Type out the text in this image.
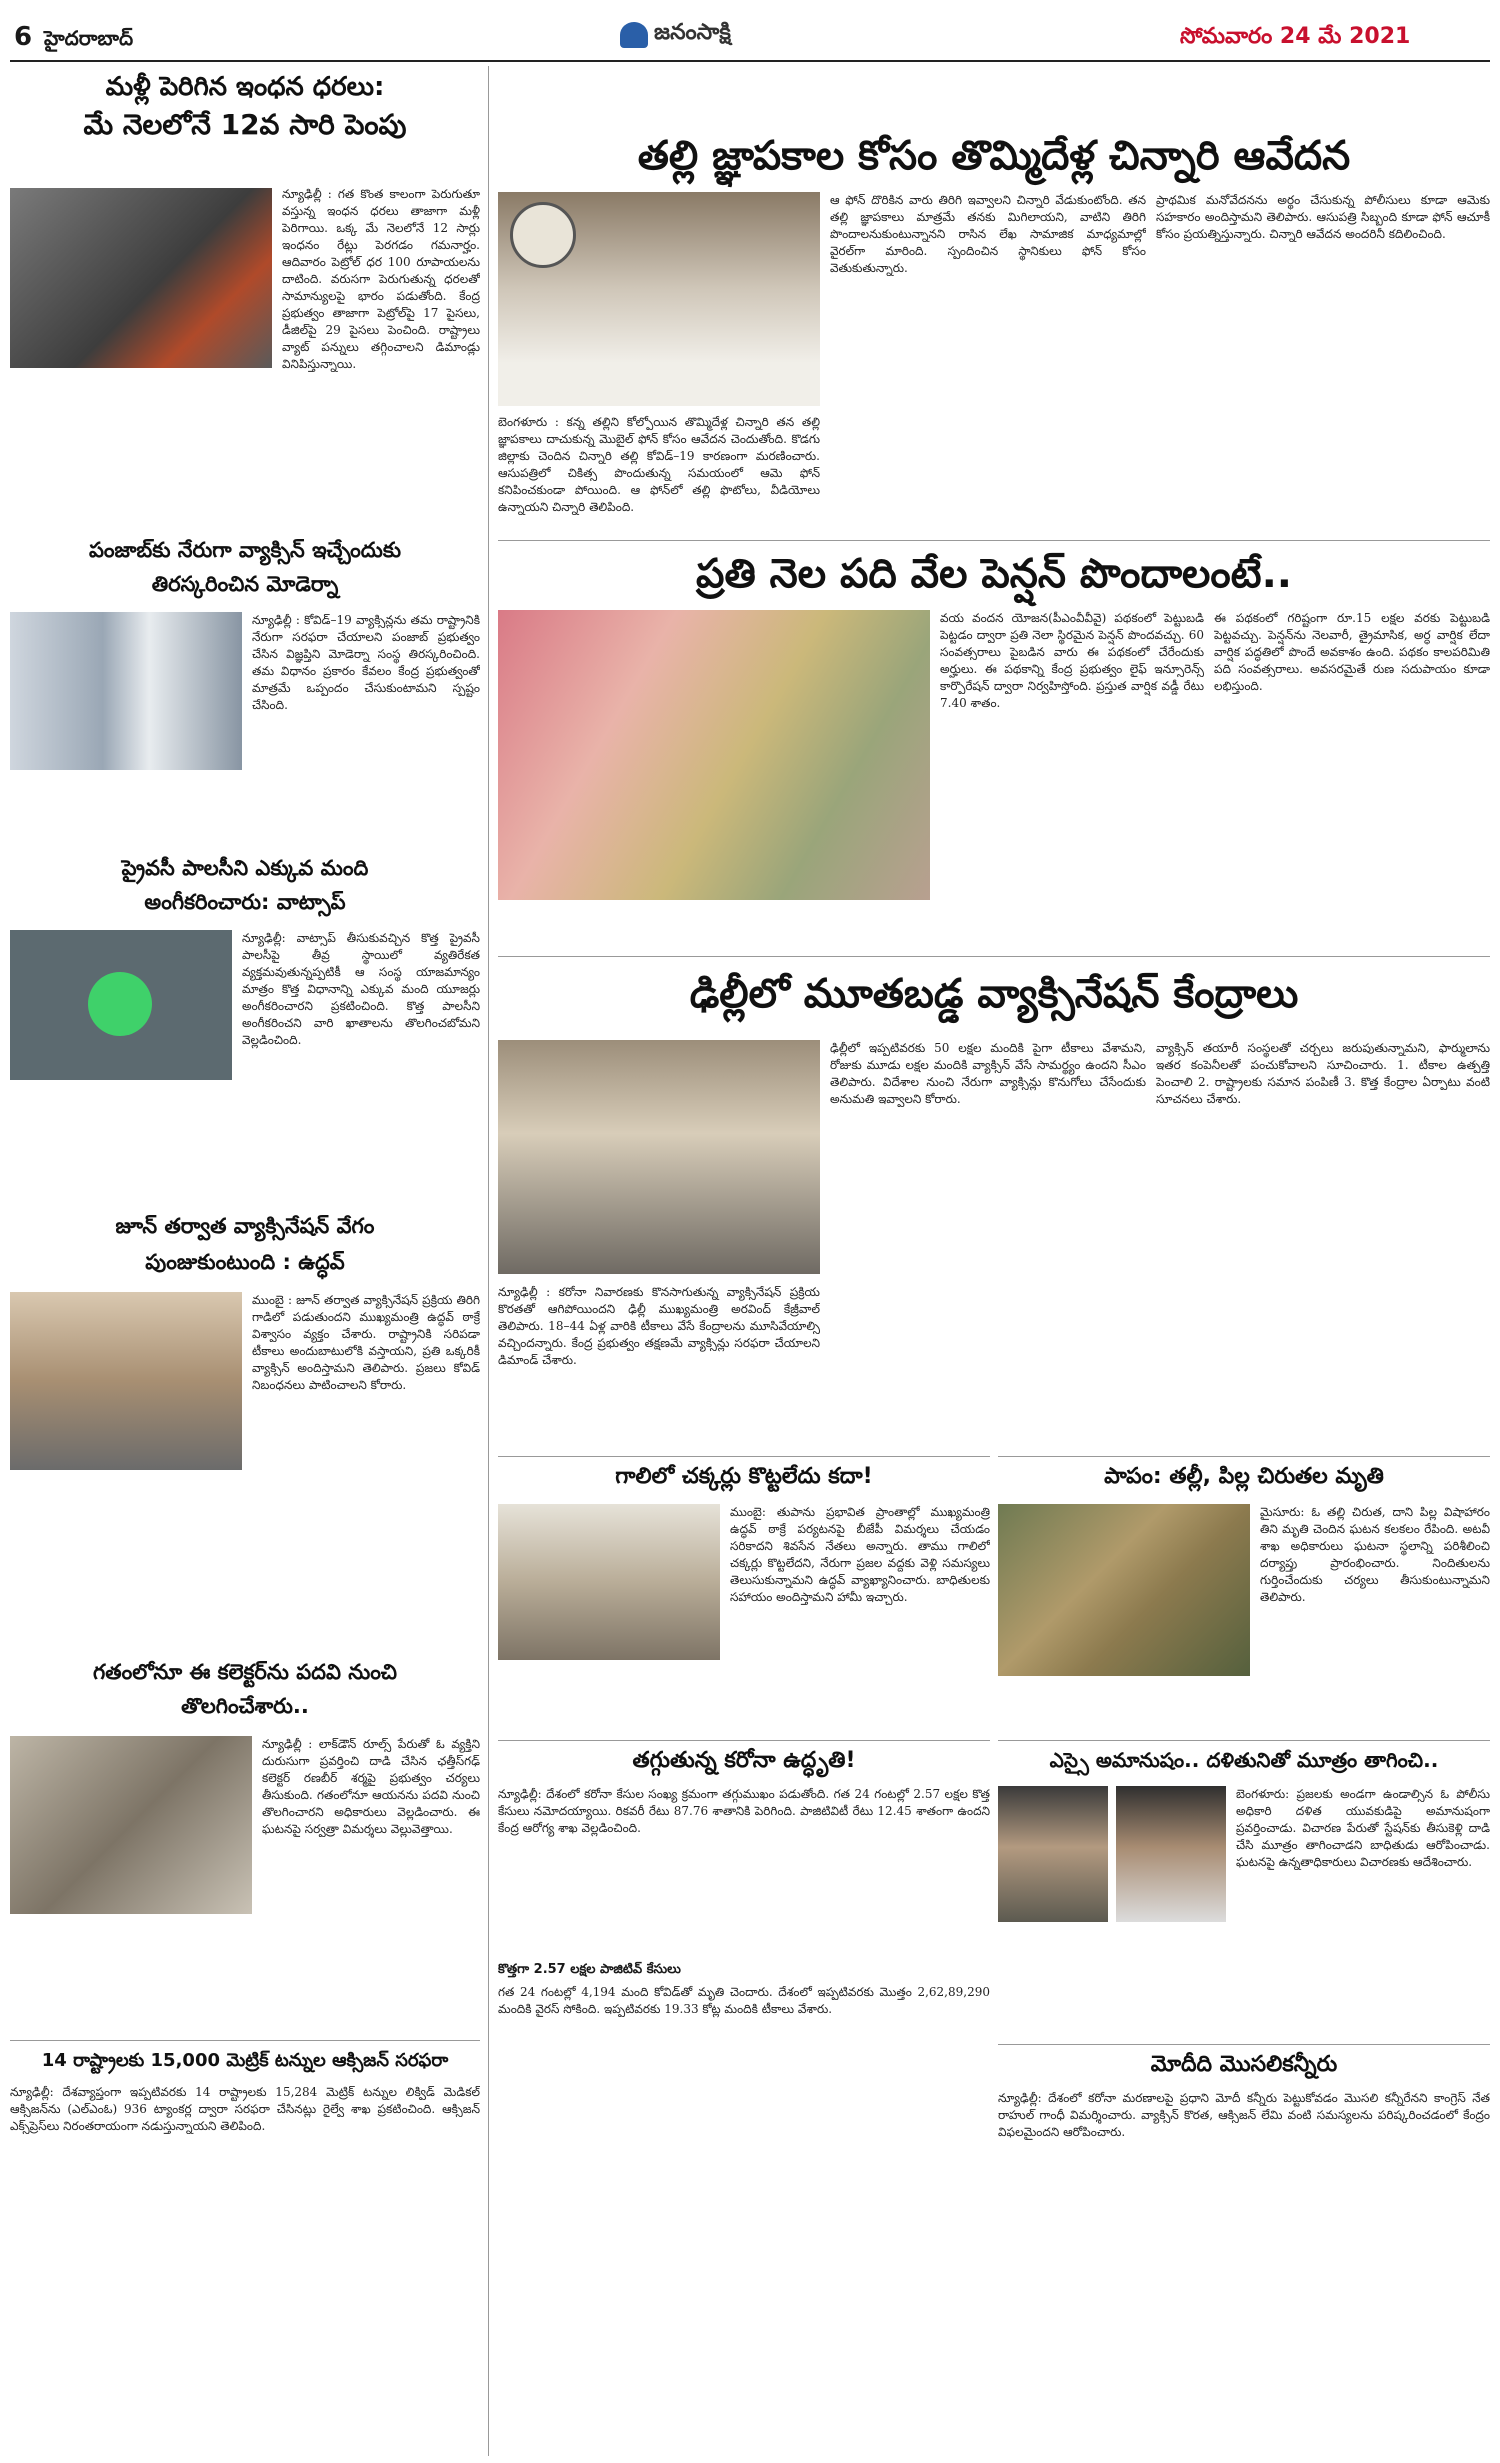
6 హైదరాబాద్	జనంసాక్షి	సోమవారం 24 మే 2021
మళ్లీ పెరిగిన ఇంధన ధరలు:
మే నెలలోనే 12వ సారి పెంపు
న్యూఢిల్లీ : గత కొంత కాలంగా పెరుగుతూ వస్తున్న ఇంధన ధరలు తాజాగా మళ్లీ పెరిగాయి. ఒక్క మే నెలలోనే 12 సార్లు ఇంధనం రేట్లు పెరగడం గమనార్హం. ఆదివారం పెట్రోల్ ధర 100 రూపాయలను దాటింది. వరుసగా పెరుగుతున్న ధరలతో సామాన్యులపై భారం పడుతోంది. కేంద్ర ప్రభుత్వం తాజాగా పెట్రోల్‌పై 17 పైసలు, డీజిల్‌పై 29 పైసలు పెంచింది. రాష్ట్రాలు వ్యాట్ పన్నులు తగ్గించాలని డిమాండ్లు వినిపిస్తున్నాయి.
పంజాబ్‌కు నేరుగా వ్యాక్సిన్ ఇచ్చేందుకు
తిరస్కరించిన మోడెర్నా
న్యూఢిల్లీ : కోవిడ్–19 వ్యాక్సిన్లను తమ రాష్ట్రానికి నేరుగా సరఫరా చేయాలని పంజాబ్ ప్రభుత్వం చేసిన విజ్ఞప్తిని మోడెర్నా సంస్థ తిరస్కరించింది. తమ విధానం ప్రకారం కేవలం కేంద్ర ప్రభుత్వంతో మాత్రమే ఒప్పందం చేసుకుంటామని స్పష్టం చేసింది.
ప్రైవసీ పాలసీని ఎక్కువ మంది
అంగీకరించారు: వాట్సాప్
న్యూఢిల్లీ: వాట్సాప్ తీసుకువచ్చిన కొత్త ప్రైవసీ పాలసీపై తీవ్ర స్థాయిలో వ్యతిరేకత వ్యక్తమవుతున్నప్పటికీ ఆ సంస్థ యాజమాన్యం మాత్రం కొత్త విధానాన్ని ఎక్కువ మంది యూజర్లు అంగీకరించారని ప్రకటించింది. కొత్త పాలసీని అంగీకరించని వారి ఖాతాలను తొలగించబోమని వెల్లడించింది.
జూన్ తర్వాత వ్యాక్సినేషన్ వేగం
పుంజుకుంటుంది : ఉద్ధవ్
ముంబై : జూన్ తర్వాత వ్యాక్సినేషన్ ప్రక్రియ తిరిగి గాడిలో పడుతుందని ముఖ్యమంత్రి ఉద్ధవ్ ఠాక్రే విశ్వాసం వ్యక్తం చేశారు. రాష్ట్రానికి సరిపడా టీకాలు అందుబాటులోకి వస్తాయని, ప్రతి ఒక్కరికీ వ్యాక్సిన్ అందిస్తామని తెలిపారు. ప్రజలు కోవిడ్ నిబంధనలు పాటించాలని కోరారు.
గతంలోనూ ఈ కలెక్టర్‌ను పదవి నుంచి
తొలగించేశారు..
న్యూఢిల్లీ : లాక్‌డౌన్ రూల్స్ పేరుతో ఓ వ్యక్తిని దురుసుగా ప్రవర్తించి దాడి చేసిన ఛత్తీస్‌గఢ్ కలెక్టర్ రణబీర్ శర్మపై ప్రభుత్వం చర్యలు తీసుకుంది. గతంలోనూ ఆయనను పదవి నుంచి తొలగించారని అధికారులు వెల్లడించారు. ఈ ఘటనపై సర్వత్రా విమర్శలు వెల్లువెత్తాయి.
14 రాష్ట్రాలకు 15,000 మెట్రిక్ టన్నుల ఆక్సిజన్ సరఫరా
న్యూఢిల్లీ: దేశవ్యాప్తంగా ఇప్పటివరకు 14 రాష్ట్రాలకు 15,284 మెట్రిక్ టన్నుల లిక్విడ్ మెడికల్ ఆక్సిజన్‌ను (ఎల్‌ఎంఓ) 936 ట్యాంకర్ల ద్వారా సరఫరా చేసినట్లు రైల్వే శాఖ ప్రకటించింది. ఆక్సిజన్ ఎక్స్‌ప్రెస్‌లు నిరంతరాయంగా నడుస్తున్నాయని తెలిపింది.
తల్లి జ్ఞాపకాల కోసం తొమ్మిదేళ్ల చిన్నారి ఆవేదన
బెంగళూరు : కన్న తల్లిని కోల్పోయిన తొమ్మిదేళ్ల చిన్నారి తన తల్లి జ్ఞాపకాలు దాచుకున్న మొబైల్ ఫోన్ కోసం ఆవేదన చెందుతోంది. కొడగు జిల్లాకు చెందిన చిన్నారి తల్లి కోవిడ్–19 కారణంగా మరణించారు. ఆసుపత్రిలో చికిత్స పొందుతున్న సమయంలో ఆమె ఫోన్ కనిపించకుండా పోయింది. ఆ ఫోన్‌లో తల్లి ఫొటోలు, వీడియోలు ఉన్నాయని చిన్నారి తెలిపింది.
ఆ ఫోన్ దొరికిన వారు తిరిగి ఇవ్వాలని చిన్నారి వేడుకుంటోంది. తన తల్లి జ్ఞాపకాలు మాత్రమే తనకు మిగిలాయని, వాటిని తిరిగి పొందాలనుకుంటున్నానని రాసిన లేఖ సామాజిక మాధ్యమాల్లో వైరల్‌గా మారింది. స్పందించిన స్థానికులు ఫోన్ కోసం వెతుకుతున్నారు.
ప్రాథమిక మనోవేదనను అర్థం చేసుకున్న పోలీసులు కూడా ఆమెకు సహకారం అందిస్తామని తెలిపారు. ఆసుపత్రి సిబ్బంది కూడా ఫోన్ ఆచూకీ కోసం ప్రయత్నిస్తున్నారు. చిన్నారి ఆవేదన అందరినీ కదిలించింది.
ప్రతి నెల పది వేల పెన్షన్ పొందాలంటే..
వయ వందన యోజన(పీఎంవీవీవై) పథకంలో పెట్టుబడి పెట్టడం ద్వారా ప్రతి నెలా స్థిరమైన పెన్షన్ పొందవచ్చు. 60 సంవత్సరాలు పైబడిన వారు ఈ పథకంలో చేరేందుకు అర్హులు. ఈ పథకాన్ని కేంద్ర ప్రభుత్వం లైఫ్ ఇన్సూరెన్స్ కార్పొరేషన్ ద్వారా నిర్వహిస్తోంది. ప్రస్తుత వార్షిక వడ్డీ రేటు 7.40 శాతం.
ఈ పథకంలో గరిష్టంగా రూ.15 లక్షల వరకు పెట్టుబడి పెట్టవచ్చు. పెన్షన్‌ను నెలవారీ, త్రైమాసిక, అర్ధ వార్షిక లేదా వార్షిక పద్ధతిలో పొందే అవకాశం ఉంది. పథకం కాలపరిమితి పది సంవత్సరాలు. అవసరమైతే రుణ సదుపాయం కూడా లభిస్తుంది.
ఢిల్లీలో మూతబడ్డ వ్యాక్సినేషన్ కేంద్రాలు
న్యూఢిల్లీ : కరోనా నివారణకు కొనసాగుతున్న వ్యాక్సినేషన్ ప్రక్రియ కొరతతో ఆగిపోయిందని ఢిల్లీ ముఖ్యమంత్రి అరవింద్ కేజ్రీవాల్ తెలిపారు. 18–44 ఏళ్ల వారికి టీకాలు వేసే కేంద్రాలను మూసివేయాల్సి వచ్చిందన్నారు. కేంద్ర ప్రభుత్వం తక్షణమే వ్యాక్సిన్లు సరఫరా చేయాలని డిమాండ్ చేశారు.
ఢిల్లీలో ఇప్పటివరకు 50 లక్షల మందికి పైగా టీకాలు వేశామని, రోజుకు మూడు లక్షల మందికి వ్యాక్సిన్ వేసే సామర్థ్యం ఉందని సీఎం తెలిపారు. విదేశాల నుంచి నేరుగా వ్యాక్సిన్లు కొనుగోలు చేసేందుకు అనుమతి ఇవ్వాలని కోరారు.
వ్యాక్సిన్ తయారీ సంస్థలతో చర్చలు జరుపుతున్నామని, ఫార్ములాను ఇతర కంపెనీలతో పంచుకోవాలని సూచించారు. 1. టీకాల ఉత్పత్తి పెంచాలి 2. రాష్ట్రాలకు సమాన పంపిణీ 3. కొత్త కేంద్రాల ఏర్పాటు వంటి సూచనలు చేశారు.
గాలిలో చక్కర్లు కొట్టలేదు కదా!
ముంబై: తుపాను ప్రభావిత ప్రాంతాల్లో ముఖ్యమంత్రి ఉద్ధవ్ ఠాక్రే పర్యటనపై బీజేపీ విమర్శలు చేయడం సరికాదని శివసేన నేతలు అన్నారు. తాము గాలిలో చక్కర్లు కొట్టలేదని, నేరుగా ప్రజల వద్దకు వెళ్లి సమస్యలు తెలుసుకున్నామని ఉద్ధవ్ వ్యాఖ్యానించారు. బాధితులకు సహాయం అందిస్తామని హామీ ఇచ్చారు.
పాపం: తల్లీ, పిల్ల చిరుతల మృతి
మైసూరు: ఓ తల్లి చిరుత, దాని పిల్ల విషాహారం తిని మృతి చెందిన ఘటన కలకలం రేపింది. అటవీ శాఖ అధికారులు ఘటనా స్థలాన్ని పరిశీలించి దర్యాప్తు ప్రారంభించారు. నిందితులను గుర్తించేందుకు చర్యలు తీసుకుంటున్నామని తెలిపారు.
తగ్గుతున్న కరోనా ఉద్ధృతి!
న్యూఢిల్లీ: దేశంలో కరోనా కేసుల సంఖ్య క్రమంగా తగ్గుముఖం పడుతోంది. గత 24 గంటల్లో 2.57 లక్షల కొత్త కేసులు నమోదయ్యాయి. రికవరీ రేటు 87.76 శాతానికి పెరిగింది. పాజిటివిటీ రేటు 12.45 శాతంగా ఉందని కేంద్ర ఆరోగ్య శాఖ వెల్లడించింది.
కొత్తగా 2.57 లక్షల పాజిటివ్ కేసులు
గత 24 గంటల్లో 4,194 మంది కోవిడ్‌తో మృతి చెందారు. దేశంలో ఇప్పటివరకు మొత్తం 2,62,89,290 మందికి వైరస్ సోకింది. ఇప్పటివరకు 19.33 కోట్ల మందికి టీకాలు వేశారు.
ఎస్సై అమానుషం.. దళితునితో మూత్రం తాగించి..
బెంగళూరు: ప్రజలకు అండగా ఉండాల్సిన ఓ పోలీసు అధికారి దళిత యువకుడిపై అమానుషంగా ప్రవర్తించాడు. విచారణ పేరుతో స్టేషన్‌కు తీసుకెళ్లి దాడి చేసి మూత్రం తాగించాడని బాధితుడు ఆరోపించాడు. ఘటనపై ఉన్నతాధికారులు విచారణకు ఆదేశించారు.
మోదీది మొసలికన్నీరు
న్యూఢిల్లీ: దేశంలో కరోనా మరణాలపై ప్రధాని మోదీ కన్నీరు పెట్టుకోవడం మొసలి కన్నీరేనని కాంగ్రెస్ నేత రాహుల్ గాంధీ విమర్శించారు. వ్యాక్సిన్ కొరత, ఆక్సిజన్ లేమి వంటి సమస్యలను పరిష్కరించడంలో కేంద్రం విఫలమైందని ఆరోపించారు.
